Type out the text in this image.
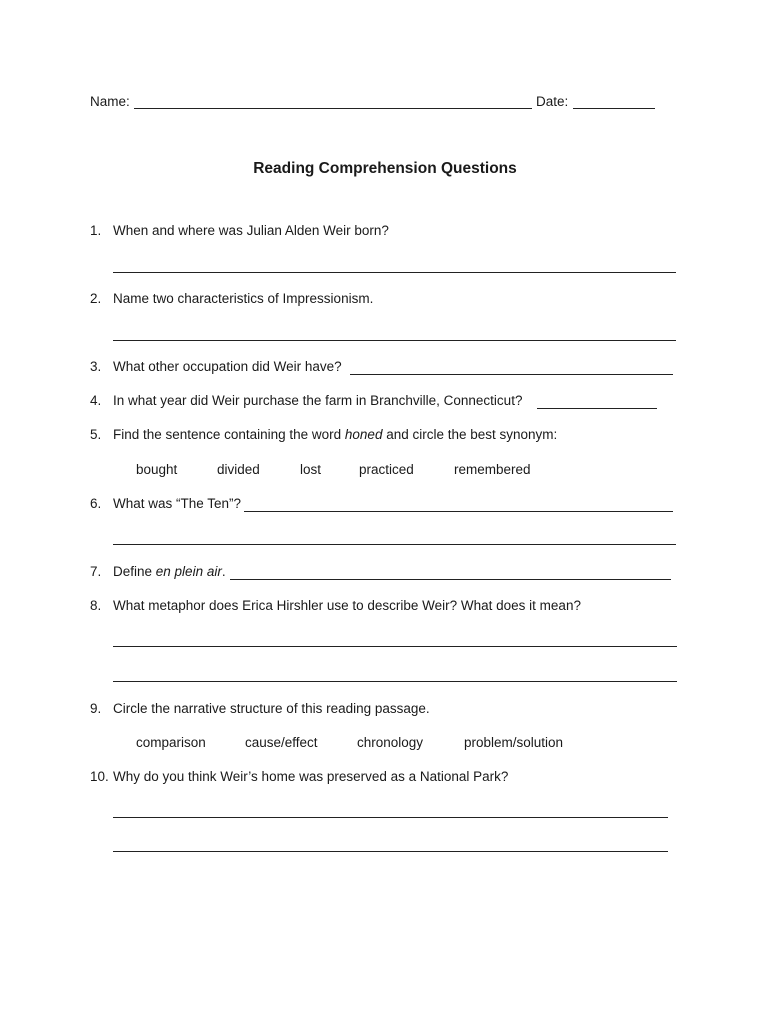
Name:	Date:
Reading Comprehension Questions
1. When and where was Julian Alden Weir born?
2. Name two characteristics of Impressionism.
3. What other occupation did Weir have?
4. In what year did Weir purchase the farm in Branchville, Connecticut?
5. Find the sentence containing the word honed and circle the best synonym:
bought	divided	lost	practiced	remembered
6. What was “The Ten”?
7. Define en plein air.
8. What metaphor does Erica Hirshler use to describe Weir? What does it mean?
9. Circle the narrative structure of this reading passage.
comparison	cause/effect	chronology	problem/solution
10. Why do you think Weir’s home was preserved as a National Park?
